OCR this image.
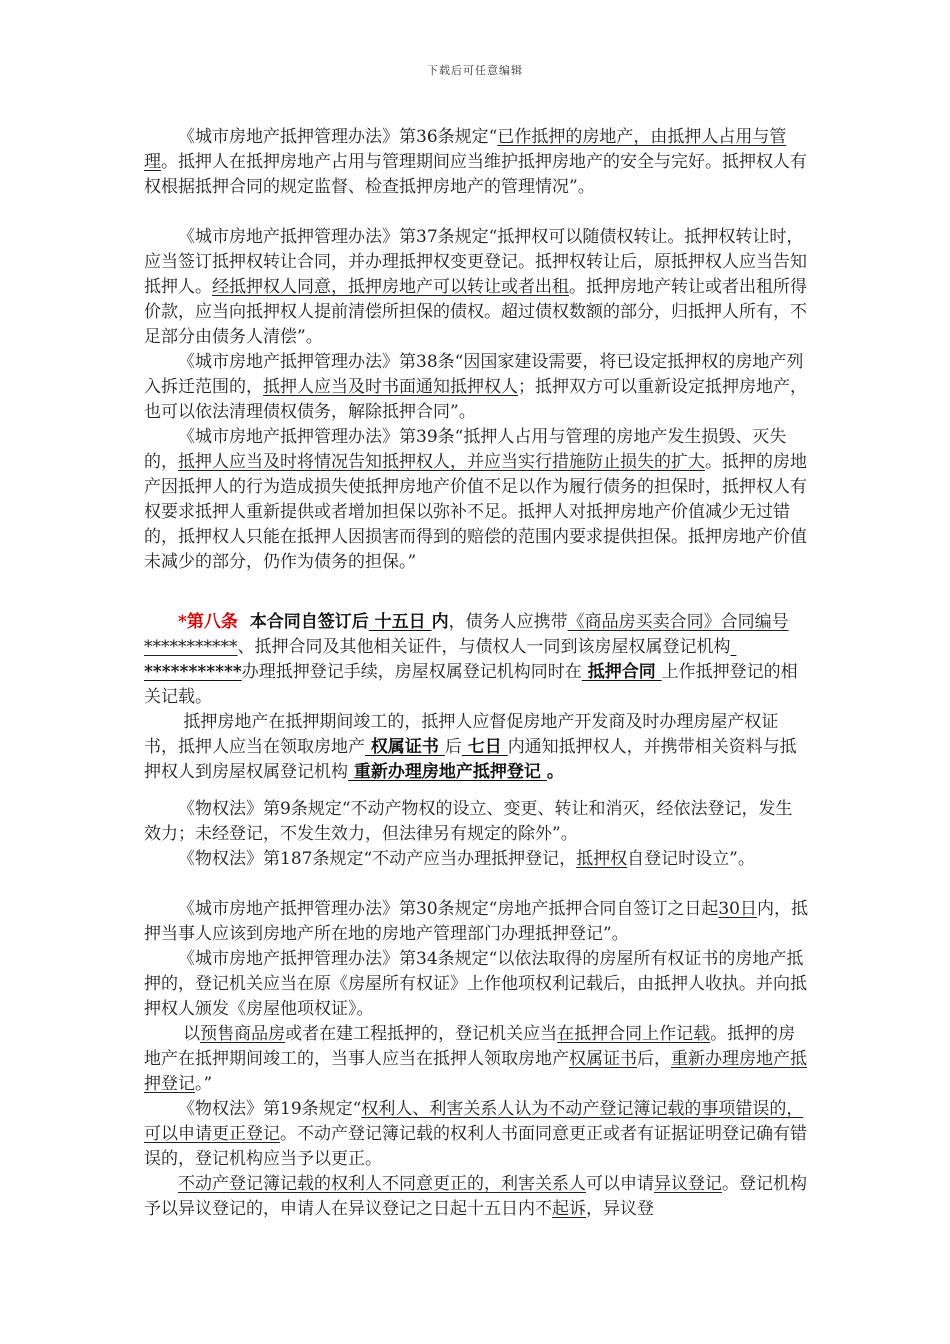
下载后可任意编辑

《城市房地产抵押管理办法》第36条规定“已作抵押的房地产，由抵押人占用与管理。抵押人在抵押房地产占用与管理期间应当维护抵押房地产的安全与完好。抵押权人有权根据抵押合同的规定监督、检查抵押房地产的管理情况”。

《城市房地产抵押管理办法》第37条规定“抵押权可以随债权转让。抵押权转让时，应当签订抵押权转让合同，并办理抵押权变更登记。抵押权转让后，原抵押权人应当告知抵押人。经抵押权人同意，抵押房地产可以转让或者出租。抵押房地产转让或者出租所得价款，应当向抵押权人提前清偿所担保的债权。超过债权数额的部分，归抵押人所有，不足部分由债务人清偿”。

《城市房地产抵押管理办法》第38条“因国家建设需要，将已设定抵押权的房地产列入拆迁范围的，抵押人应当及时书面通知抵押权人；抵押双方可以重新设定抵押房地产，也可以依法清理债权债务，解除抵押合同”。

《城市房地产抵押管理办法》第39条“抵押人占用与管理的房地产发生损毁、灭失的，抵押人应当及时将情况告知抵押权人，并应当实行措施防止损失的扩大。抵押的房地产因抵押人的行为造成损失使抵押房地产价值不足以作为履行债务的担保时，抵押权人有权要求抵押人重新提供或者增加担保以弥补不足。抵押人对抵押房地产价值减少无过错的，抵押权人只能在抵押人因损害而得到的赔偿的范围内要求提供担保。抵押房地产价值未减少的部分，仍作为债务的担保。”

*第八条  本合同自签订后 十五日 内，债务人应携带《商品房买卖合同》合同编号***********、抵押合同及其他相关证件，与债权人一同到该房屋权属登记机构 ***********办理抵押登记手续，房屋权属登记机构同时在 抵押合同 上作抵押登记的相关记载。

抵押房地产在抵押期间竣工的，抵押人应督促房地产开发商及时办理房屋产权证书，抵押人应当在领取房地产 权属证书 后 七日 内通知抵押权人，并携带相关资料与抵押权人到房屋权属登记机构 重新办理房地产抵押登记 。

《物权法》第9条规定“不动产物权的设立、变更、转让和消灭，经依法登记，发生效力；未经登记，不发生效力，但法律另有规定的除外”。

《物权法》第187条规定“不动产应当办理抵押登记，抵押权自登记时设立”。

《城市房地产抵押管理办法》第30条规定“房地产抵押合同自签订之日起30日内，抵押当事人应该到房地产所在地的房地产管理部门办理抵押登记”。

《城市房地产抵押管理办法》第34条规定“以依法取得的房屋所有权证书的房地产抵押的，登记机关应当在原《房屋所有权证》上作他项权利记载后，由抵押人收执。并向抵押权人颁发《房屋他项权证》。

以预售商品房或者在建工程抵押的，登记机关应当在抵押合同上作记载。抵押的房地产在抵押期间竣工的，当事人应当在抵押人领取房地产权属证书后，重新办理房地产抵押登记。”

《物权法》第19条规定“权利人、利害关系人认为不动产登记簿记载的事项错误的，可以申请更正登记。不动产登记簿记载的权利人书面同意更正或者有证据证明登记确有错误的，登记机构应当予以更正。

不动产登记簿记载的权利人不同意更正的，利害关系人可以申请异议登记。登记机构予以异议登记的，申请人在异议登记之日起十五日内不起诉，异议登
